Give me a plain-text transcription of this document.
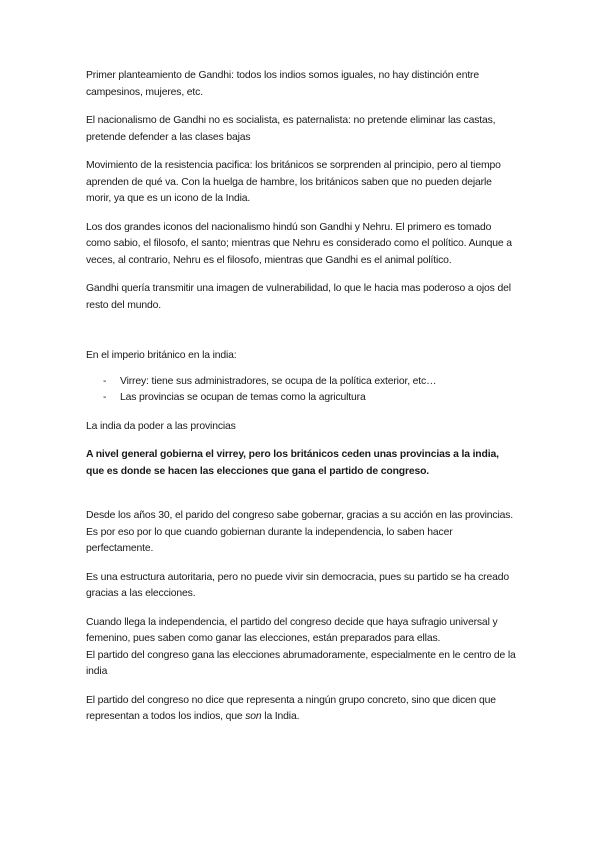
Primer planteamiento de Gandhi: todos los indios somos iguales, no hay distinción entre campesinos, mujeres, etc.

El nacionalismo de Gandhi no es socialista, es paternalista: no pretende eliminar las castas, pretende defender a las clases bajas

Movimiento de la resistencia pacifica: los británicos se sorprenden al principio, pero al tiempo aprenden de qué va. Con la huelga de hambre, los británicos saben que no pueden dejarle morir, ya que es un icono de la India.

Los dos grandes iconos del nacionalismo hindú son Gandhi y Nehru. El primero es tomado como sabio, el filosofo, el santo; mientras que Nehru es considerado como el político. Aunque a veces, al contrario, Nehru es el filosofo, mientras que Gandhi es el animal político.

Gandhi quería transmitir una imagen de vulnerabilidad, lo que le hacia mas poderoso a ojos del resto del mundo.

En el imperio británico en la india:

- Virrey: tiene sus administradores, se ocupa de la política exterior, etc…
- Las provincias se ocupan de temas como la agricultura

La india da poder a las provincias

A nivel general gobierna el virrey, pero los británicos ceden unas provincias a la india, que es donde se hacen las elecciones que gana el partido de congreso.

Desde los años 30, el parido del congreso sabe gobernar, gracias a su acción en las provincias. Es por eso por lo que cuando gobiernan durante la independencia, lo saben hacer perfectamente.

Es una estructura autoritaria, pero no puede vivir sin democracia, pues su partido se ha creado gracias a las elecciones.

Cuando llega la independencia, el partido del congreso decide que haya sufragio universal y femenino, pues saben como ganar las elecciones, están preparados para ellas.

El partido del congreso gana las elecciones abrumadoramente, especialmente en le centro de la india

El partido del congreso no dice que representa a ningún grupo concreto, sino que dicen que representan a todos los indios, que son la India.
